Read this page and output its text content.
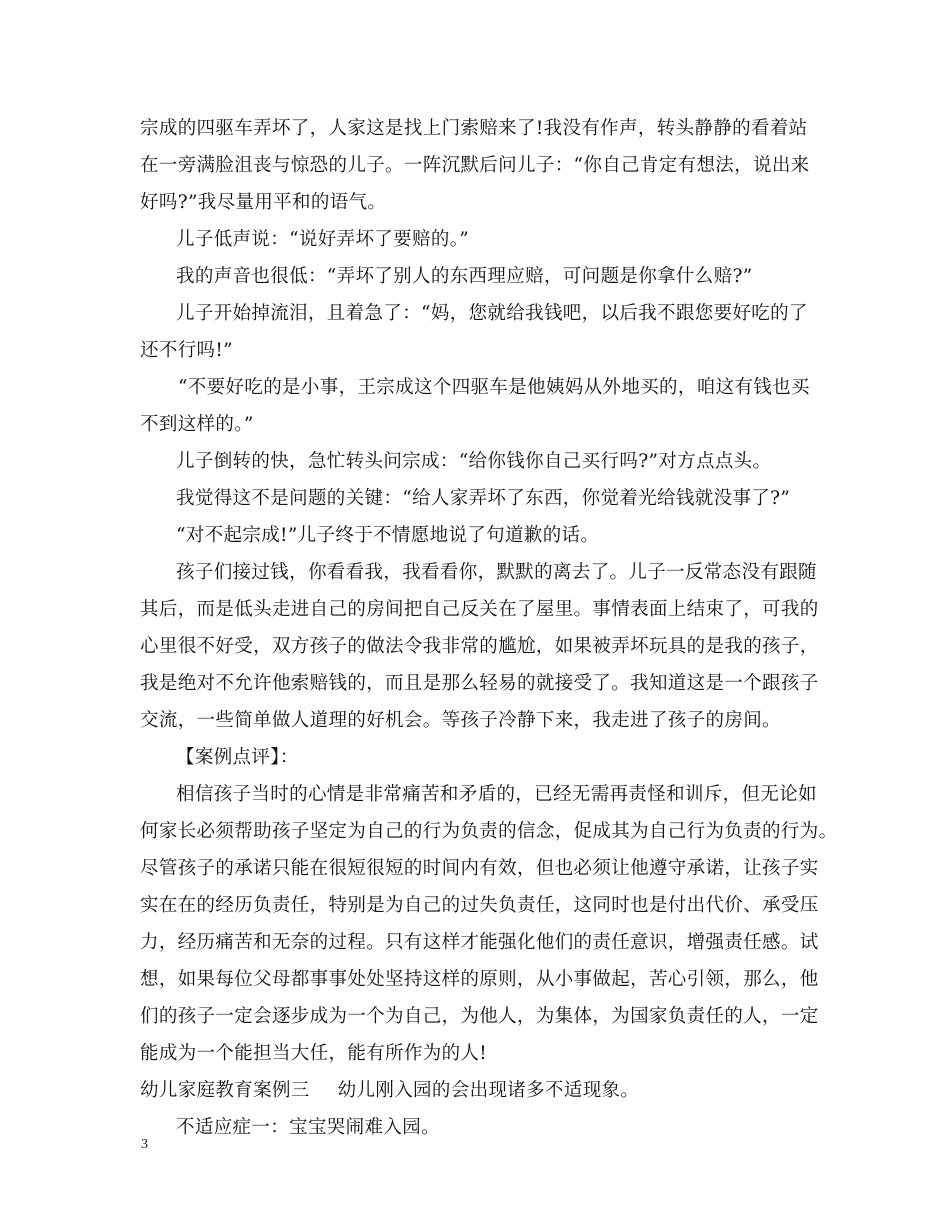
宗成的四驱车弄坏了，人家这是找上门索赔来了!我没有作声，转头静静的看着站
在一旁满脸沮丧与惊恐的儿子。一阵沉默后问儿子：“你自己肯定有想法，说出来
好吗?”我尽量用平和的语气。
儿子低声说：“说好弄坏了要赔的。”
我的声音也很低：“弄坏了别人的东西理应赔，可问题是你拿什么赔?”
儿子开始掉流泪，且着急了：“妈，您就给我钱吧，以后我不跟您要好吃的了
还不行吗!”
“不要好吃的是小事，王宗成这个四驱车是他姨妈从外地买的，咱这有钱也买
不到这样的。”
儿子倒转的快，急忙转头问宗成：“给你钱你自己买行吗?”对方点点头。
我觉得这不是问题的关键：“给人家弄坏了东西，你觉着光给钱就没事了?”
“对不起宗成!”儿子终于不情愿地说了句道歉的话。
孩子们接过钱，你看看我，我看看你，默默的离去了。儿子一反常态没有跟随
其后，而是低头走进自己的房间把自己反关在了屋里。事情表面上结束了，可我的
心里很不好受，双方孩子的做法令我非常的尴尬，如果被弄坏玩具的是我的孩子，
我是绝对不允许他索赔钱的，而且是那么轻易的就接受了。我知道这是一个跟孩子
交流，一些简单做人道理的好机会。等孩子冷静下来，我走进了孩子的房间。
【案例点评】：
相信孩子当时的心情是非常痛苦和矛盾的，已经无需再责怪和训斥，但无论如
何家长必须帮助孩子坚定为自己的行为负责的信念，促成其为自己行为负责的行为。
尽管孩子的承诺只能在很短很短的时间内有效，但也必须让他遵守承诺，让孩子实
实在在的经历负责任，特别是为自己的过失负责任，这同时也是付出代价、承受压
力，经历痛苦和无奈的过程。只有这样才能强化他们的责任意识，增强责任感。试
想，如果每位父母都事事处处坚持这样的原则，从小事做起，苦心引领，那么，他
们的孩子一定会逐步成为一个为自己，为他人，为集体，为国家负责任的人，一定
能成为一个能担当大任，能有所作为的人!
幼儿家庭教育案例三 幼儿刚入园的会出现诸多不适现象。
不适应症一：宝宝哭闹难入园。
3
